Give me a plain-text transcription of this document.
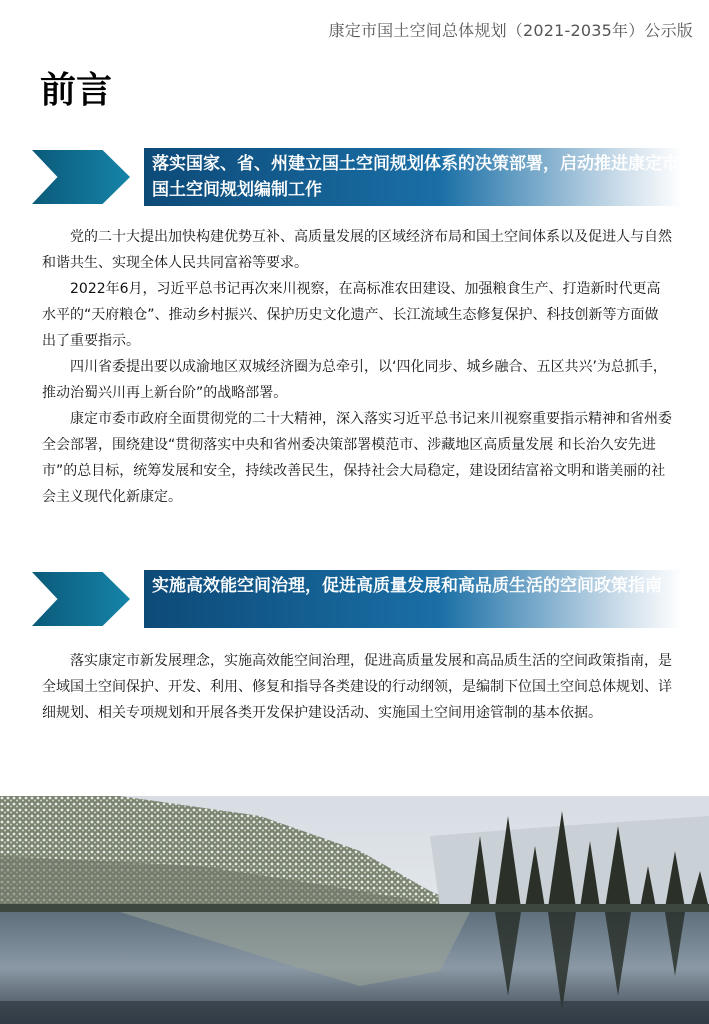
康定市国土空间总体规划（2021-2035年）公示版
前言
落实国家、省、州建立国土空间规划体系的决策部署，启动推进康定市国土空间规划编制工作

党的二十大提出加快构建优势互补、高质量发展的区域经济布局和国土空间体系以及促进人与自然和谐共生、实现全体人民共同富裕等要求。

2022年6月，习近平总书记再次来川视察，在高标准农田建设、加强粮食生产、打造新时代更高水平的“天府粮仓”、推动乡村振兴、保护历史文化遗产、长江流域生态修复保护、科技创新等方面做出了重要指示。

四川省委提出要以成渝地区双城经济圈为总牵引，以‘四化同步、城乡融合、五区共兴’为总抓手，推动治蜀兴川再上新台阶”的战略部署。

康定市委市政府全面贯彻党的二十大精神，深入落实习近平总书记来川视察重要指示精神和省州委全会部署，围绕建设“贯彻落实中央和省州委决策部署模范市、涉藏地区高质量发展 和长治久安先进市”的总目标，统筹发展和安全，持续改善民生，保持社会大局稳定，建设团结富裕文明和谐美丽的社会主义现代化新康定。

实施高效能空间治理，促进高质量发展和高品质生活的空间政策指南

落实康定市新发展理念，实施高效能空间治理，促进高质量发展和高品质生活的空间政策指南，是全域国土空间保护、开发、利用、修复和指导各类建设的行动纲领，是编制下位国土空间总体规划、详细规划、相关专项规划和开展各类开发保护建设活动、实施国土空间用途管制的基本依据。
